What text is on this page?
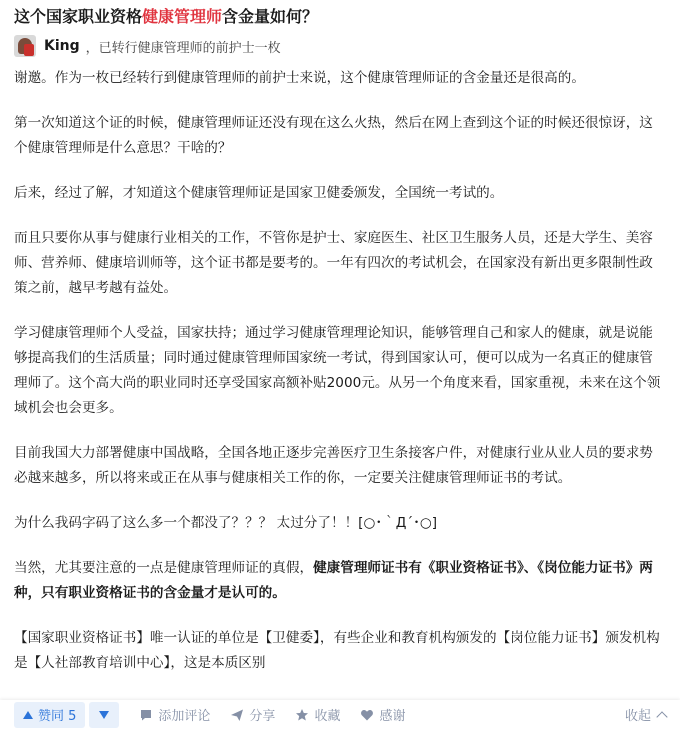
这个国家职业资格健康管理师含金量如何？
King ，已转行健康管理师的前护士一枚

谢邀。作为一枚已经转行到健康管理师的前护士来说，这个健康管理师证的含金量还是很高的。

第一次知道这个证的时候，健康管理师证还没有现在这么火热，然后在网上查到这个证的时候还很惊讶，这个健康管理师是什么意思？干啥的？

后来，经过了解，才知道这个健康管理师证是国家卫健委颁发，全国统一考试的。

而且只要你从事与健康行业相关的工作，不管你是护士、家庭医生、社区卫生服务人员，还是大学生、美容师、营养师、健康培训师等，这个证书都是要考的。一年有四次的考试机会，在国家没有新出更多限制性政策之前，越早考越有益处。

学习健康管理师个人受益，国家扶持；通过学习健康管理理论知识，能够管理自己和家人的健康，就是说能够提高我们的生活质量；同时通过健康管理师国家统一考试，得到国家认可，便可以成为一名真正的健康管理师了。这个高大尚的职业同时还享受国家高额补贴2000元。从另一个角度来看，国家重视，未来在这个领域机会也会更多。

目前我国大力部署健康中国战略，全国各地正逐步完善医疗卫生条接客户件，对健康行业从业人员的要求势必越来越多，所以将来或正在从事与健康相关工作的你，一定要关注健康管理师证书的考试。

为什么我码字码了这么多一个都没了？？？ 太过分了！！[○･｀Д´･○]

当然，尤其要注意的一点是健康管理师证的真假，健康管理师证书有《职业资格证书》、《岗位能力证书》两种，只有职业资格证书的含金量才是认可的。

【国家职业资格证书】唯一认证的单位是【卫健委】，有些企业和教育机构颁发的【岗位能力证书】颁发机构是【人社部教育培训中心】，这是本质区别

赞同 5	添加评论	分享	收藏	感谢	收起
